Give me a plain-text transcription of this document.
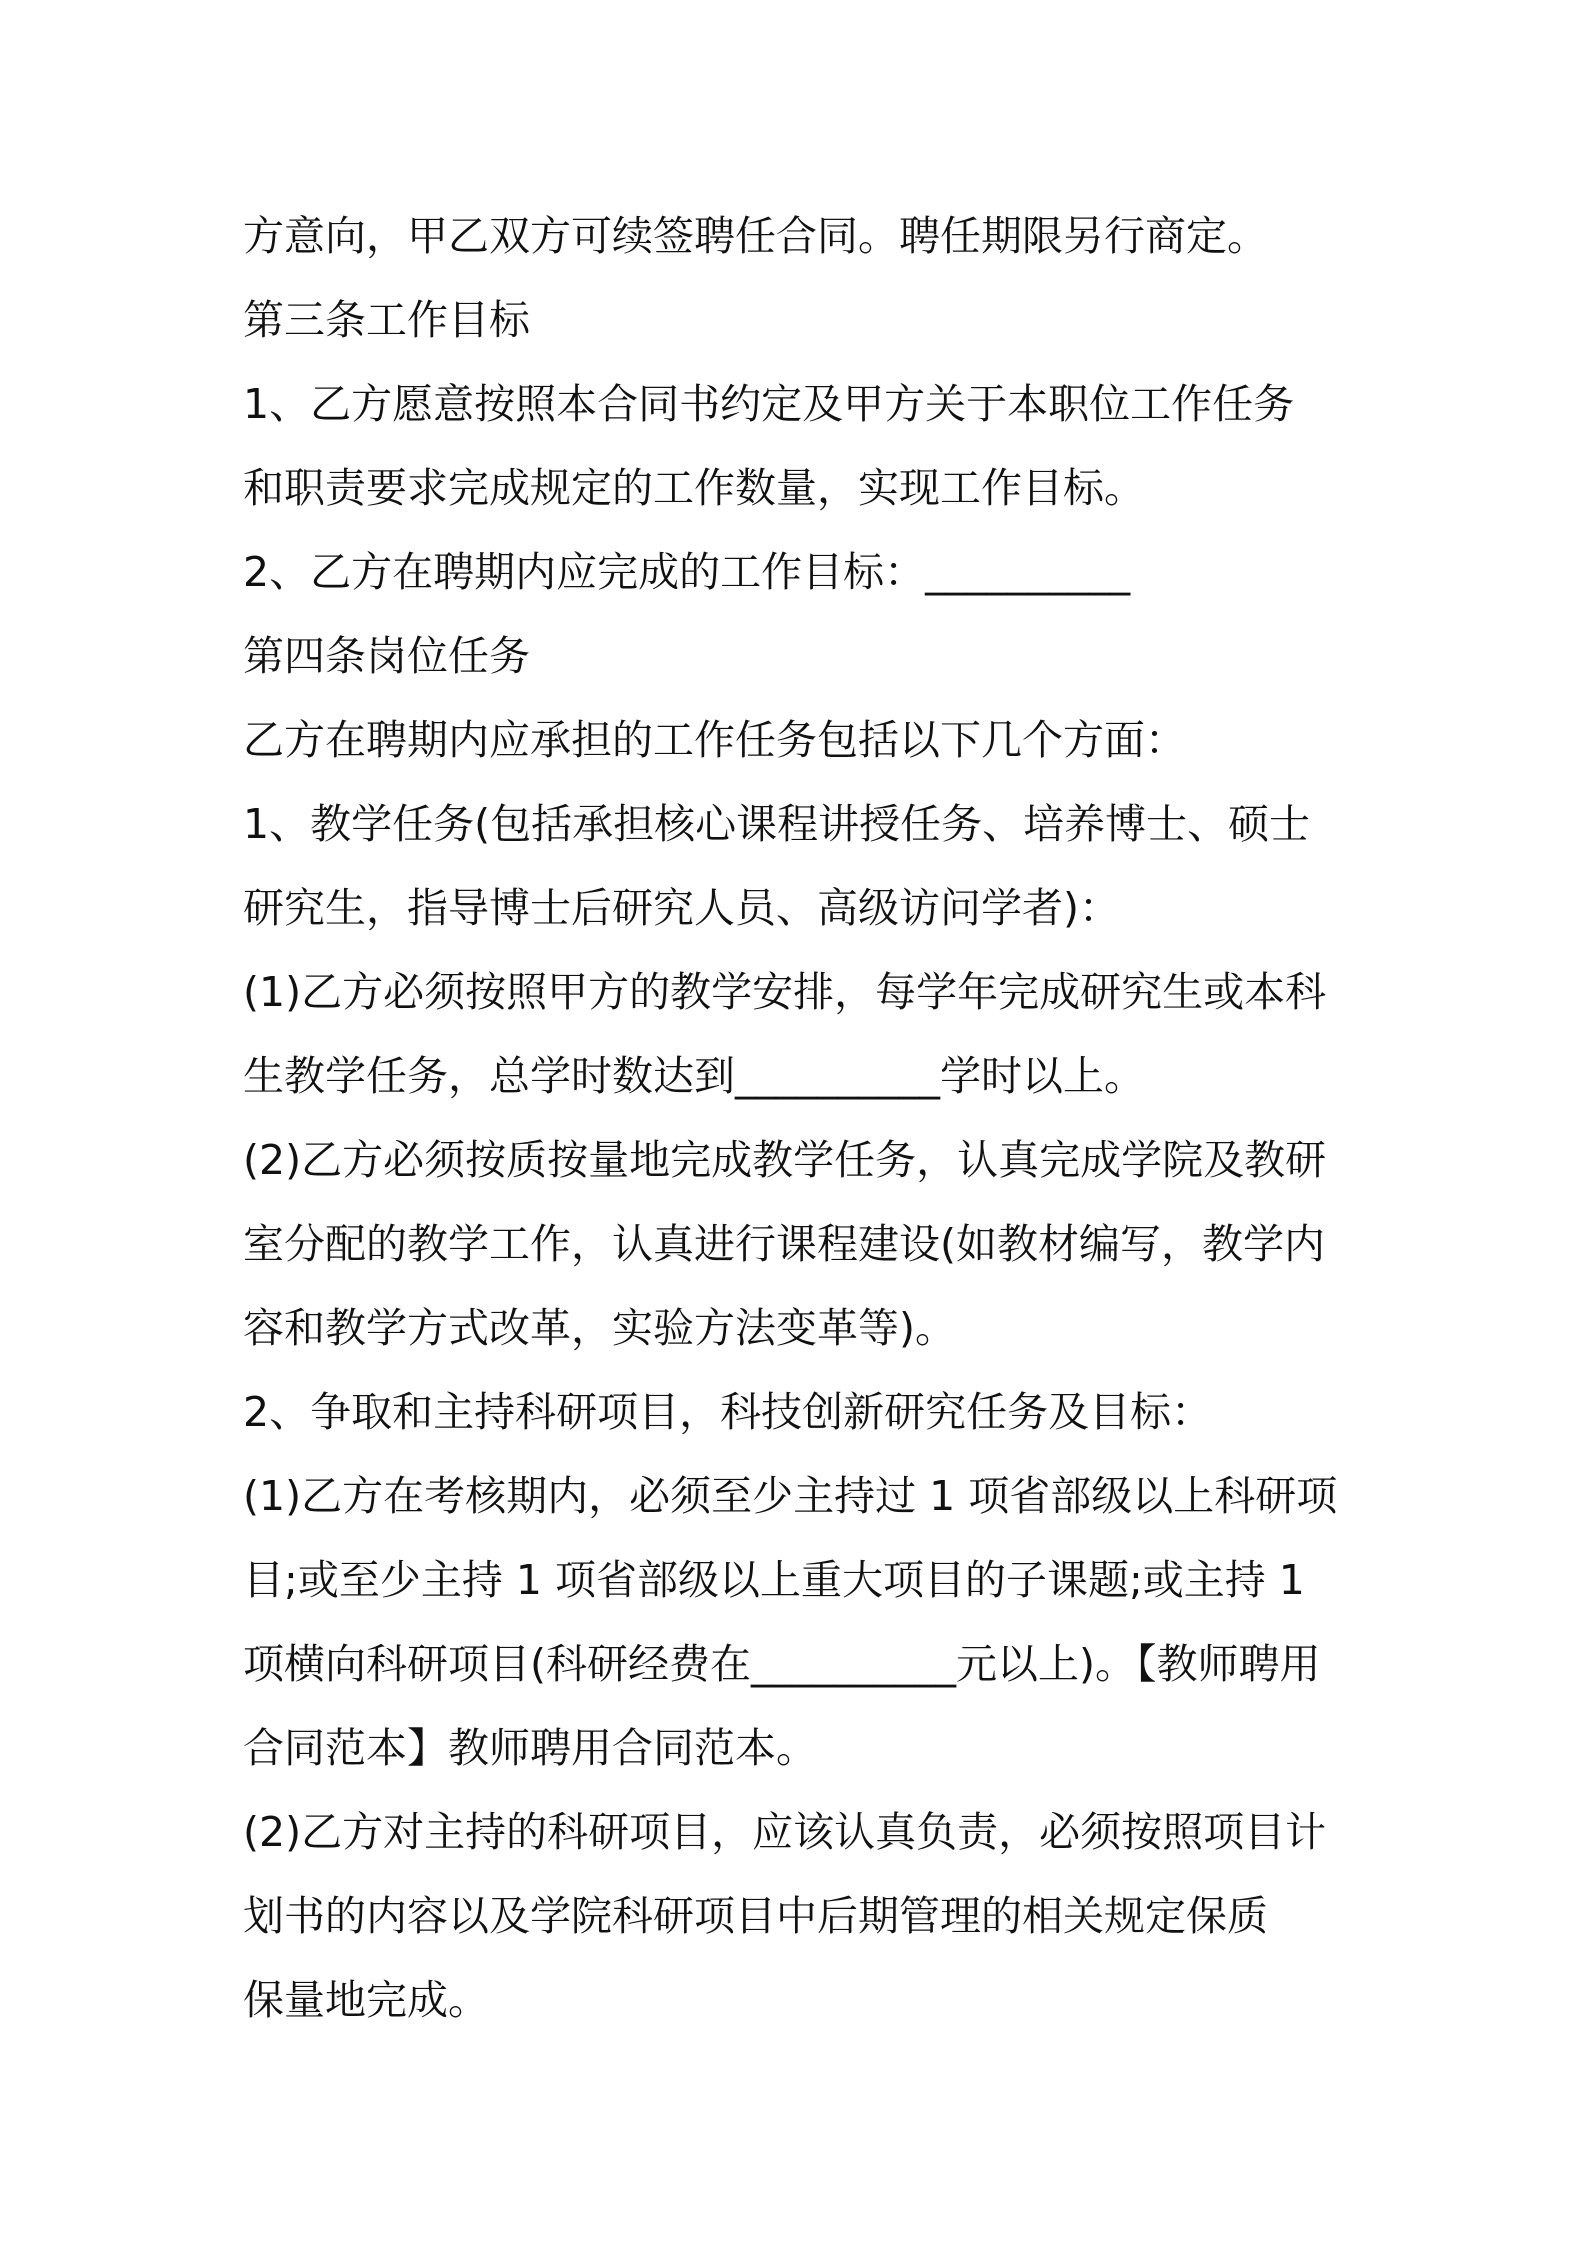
方意向，甲乙双方可续签聘任合同。聘任期限另行商定。
第三条工作目标
1、乙方愿意按照本合同书约定及甲方关于本职位工作任务
和职责要求完成规定的工作数量，实现工作目标。
2、乙方在聘期内应完成的工作目标：__________
第四条岗位任务
乙方在聘期内应承担的工作任务包括以下几个方面：
1、教学任务(包括承担核心课程讲授任务、培养博士、硕士
研究生，指导博士后研究人员、高级访问学者)：
(1)乙方必须按照甲方的教学安排，每学年完成研究生或本科
生教学任务，总学时数达到__________学时以上。
(2)乙方必须按质按量地完成教学任务，认真完成学院及教研
室分配的教学工作，认真进行课程建设(如教材编写，教学内
容和教学方式改革，实验方法变革等)。
2、争取和主持科研项目，科技创新研究任务及目标：
(1)乙方在考核期内，必须至少主持过 1 项省部级以上科研项
目;或至少主持 1 项省部级以上重大项目的子课题;或主持 1
项横向科研项目(科研经费在__________元以上)。【教师聘用
合同范本】教师聘用合同范本。
(2)乙方对主持的科研项目，应该认真负责，必须按照项目计
划书的内容以及学院科研项目中后期管理的相关规定保质
保量地完成。
